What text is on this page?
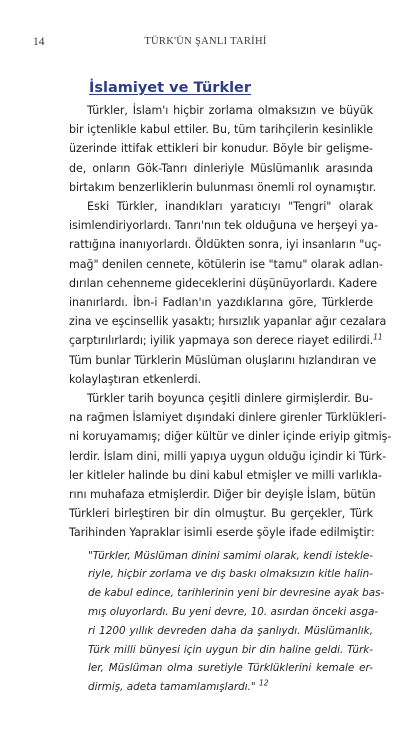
14	TÜRK'ÜN ŞANLI TARİHİ
İslamiyet ve Türkler

Türkler, İslam'ı hiçbir zorlama olmaksızın ve büyük
bir içtenlikle kabul ettiler. Bu, tüm tarihçilerin kesinlikle
üzerinde ittifak ettikleri bir konudur. Böyle bir gelişme-
de, onların Gök-Tanrı dinleriyle Müslümanlık arasında
birtakım benzerliklerin bulunması önemli rol oynamıştır.

Eski Türkler, inandıkları yaratıcıyı "Tengri" olarak
isimlendiriyorlardı. Tanrı'nın tek olduğuna ve herşeyi ya-
rattığına inanıyorlardı. Öldükten sonra, iyi insanların "uç-
mağ" denilen cennete, kötülerin ise "tamu" olarak adlan-
dırılan cehenneme gideceklerini düşünüyorlardı. Kadere
inanırlardı. İbn-i Fadlan'ın yazdıklarına göre, Türklerde
zina ve eşcinsellik yasaktı; hırsızlık yapanlar ağır cezalara
çarptırılırlardı; iyilik yapmaya son derece riayet edilirdi.$^{11}$
Tüm bunlar Türklerin Müslüman oluşlarını hızlandıran ve
kolaylaştıran etkenlerdi.

Türkler tarih boyunca çeşitli dinlere girmişlerdir. Bu-
na rağmen İslamiyet dışındaki dinlere girenler Türklükleri-
ni koruyamamış; diğer kültür ve dinler içinde eriyip gitmiş-
lerdir. İslam dini, milli yapıya uygun olduğu içindir ki Türk-
ler kitleler halinde bu dini kabul etmişler ve milli varlıkla-
rını muhafaza etmişlerdir. Diğer bir deyişle İslam, bütün
Türkleri birleştiren bir din olmuştur. Bu gerçekler, Türk
Tarihinden Yapraklar isimli eserde şöyle ifade edilmiştir:

"Türkler, Müslüman dinini samimi olarak, kendi istekle-
riyle, hiçbir zorlama ve dış baskı olmaksızın kitle halin-
de kabul edince, tarihlerinin yeni bir devresine ayak bas-
mış oluyorlardı. Bu yeni devre, 10. asırdan önceki asga-
ri 1200 yıllık devreden daha da şanlıydı. Müslümanlık,
Türk milli bünyesi için uygun bir din haline geldi. Türk-
ler, Müslüman olma suretiyle Türklüklerini kemale er-
dirmiş, adeta tamamlamışlardı." $^{12}$
